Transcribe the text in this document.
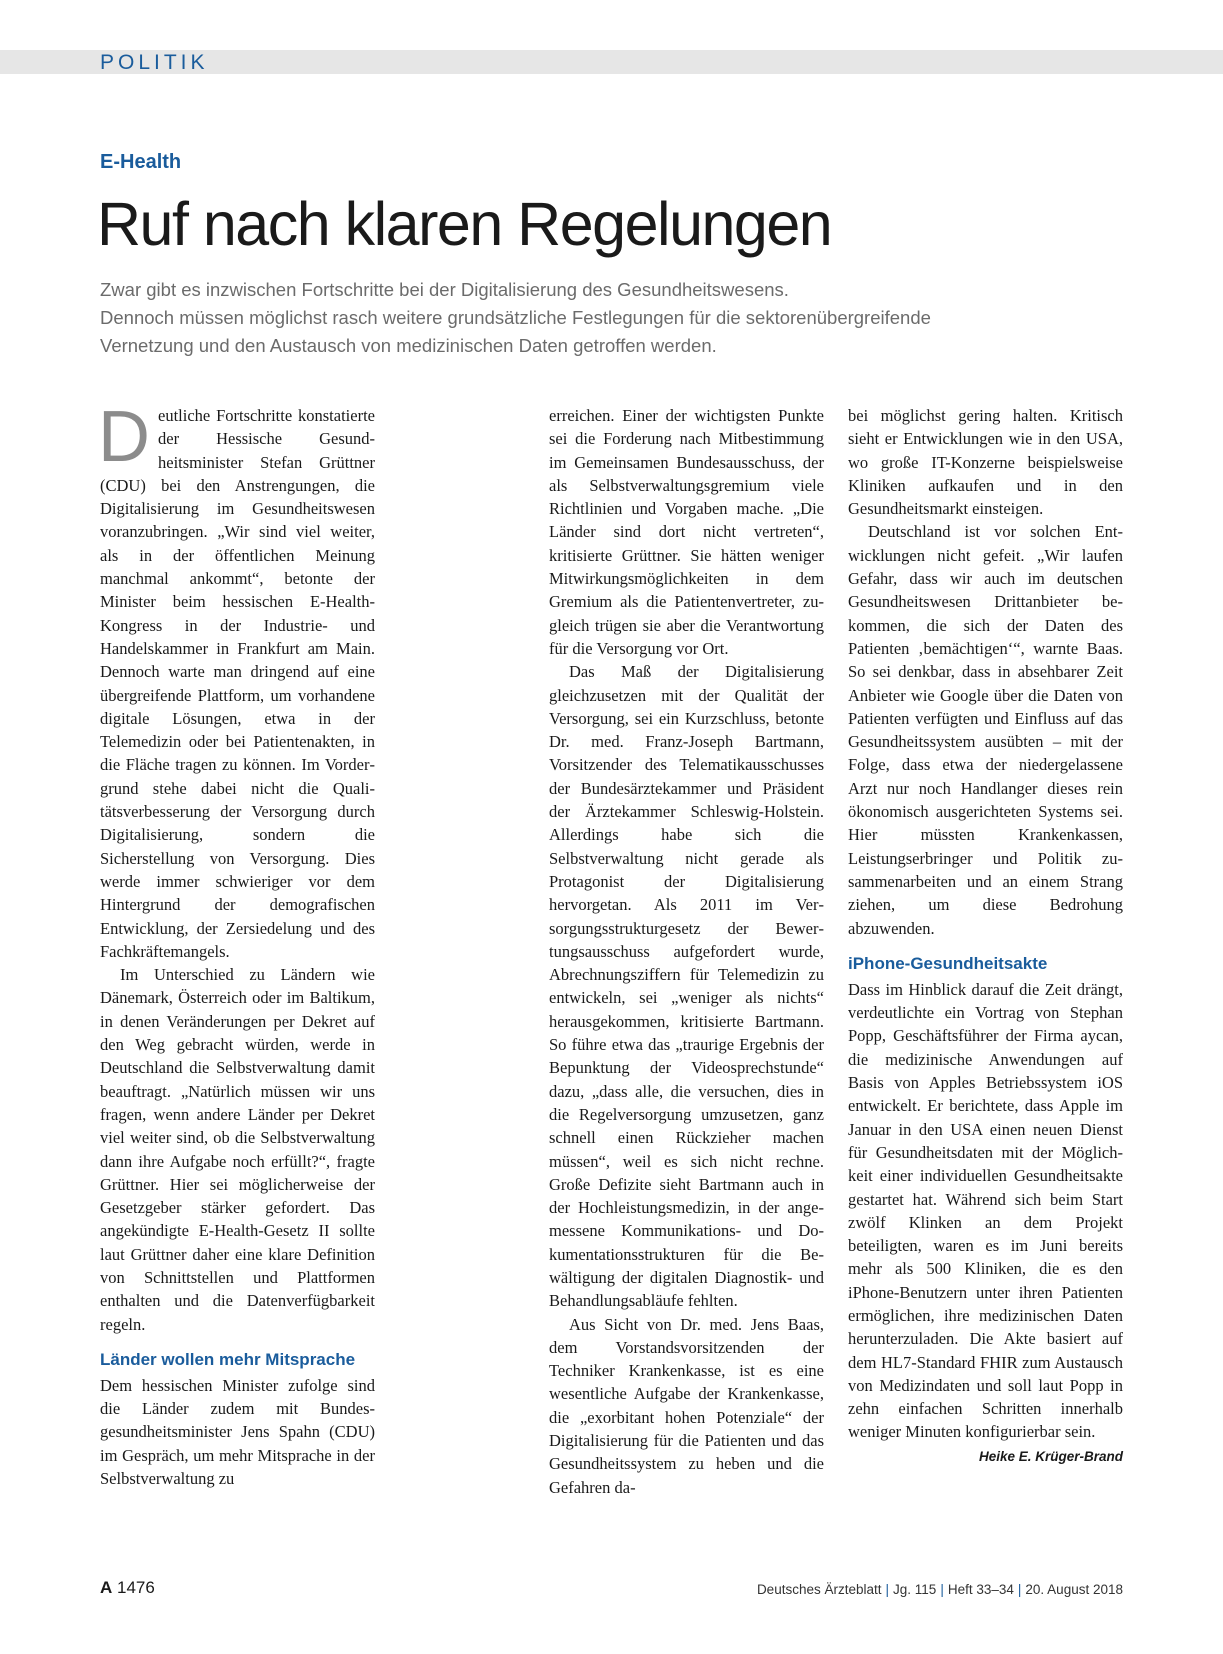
POLITIK
E-Health
Ruf nach klaren Regelungen
Zwar gibt es inzwischen Fortschritte bei der Digitalisierung des Gesundheitswesens.
Dennoch müssen möglichst rasch weitere grundsätzliche Festlegungen für die sektorenübergreifende
Vernetzung und den Austausch von medizinischen Daten getroffen werden.

Deutliche Fortschritte konstatierte der Hessische Gesundheitsminister Stefan Grüttner (CDU) bei den Anstrengungen, die Digitalisierung im Gesundheitswesen voranzubringen. „Wir sind viel weiter, als in der öffentlichen Meinung manchmal ankommt“, betonte der Minister beim hessischen E-Health-Kongress in der Industrie- und Handelskammer in Frankfurt am Main. Dennoch warte man dringend auf eine übergreifende Plattform, um vorhandene digitale Lösungen, etwa in der Telemedizin oder bei Patientenakten, in die Fläche tragen zu können. Im Vordergrund stehe dabei nicht die Qualitätsverbesserung der Versorgung durch Digitalisierung, sondern die Sicherstellung von Versorgung. Dies werde immer schwieriger vor dem Hintergrund der demografischen Entwicklung, der Zersiedelung und des Fachkräftemangels.

Im Unterschied zu Ländern wie Dänemark, Österreich oder im Baltikum, in denen Veränderungen per Dekret auf den Weg gebracht würden, werde in Deutschland die Selbstverwaltung damit beauftragt. „Natürlich müssen wir uns fragen, wenn andere Länder per Dekret viel weiter sind, ob die Selbstverwaltung dann ihre Aufgabe noch erfüllt?“, fragte Grüttner. Hier sei möglicherweise der Gesetzgeber stärker gefordert. Das angekündigte E-Health-Gesetz II sollte laut Grüttner daher eine klare Definition von Schnittstellen und Plattformen enthalten und die Datenverfügbarkeit regeln.

Länder wollen mehr Mitsprache

Dem hessischen Minister zufolge sind die Länder zudem mit Bundesgesundheitsminister Jens Spahn (CDU) im Gespräch, um mehr Mitsprache in der Selbstverwaltung zu

erreichen. Einer der wichtigsten Punkte sei die Forderung nach Mitbestimmung im Gemeinsamen Bundesausschuss, der als Selbstverwaltungsgremium viele Richtlinien und Vorgaben mache. „Die Länder sind dort nicht vertreten“, kritisierte Grüttner. Sie hätten weniger Mitwirkungsmöglichkeiten in dem Gremium als die Patientenvertreter, zugleich trügen sie aber die Verantwortung für die Versorgung vor Ort.

Das Maß der Digitalisierung gleichzusetzen mit der Qualität der Versorgung, sei ein Kurzschluss, betonte Dr. med. Franz-Joseph Bartmann, Vorsitzender des Telematikausschusses der Bundesärztekammer und Präsident der Ärztekammer Schleswig-Holstein. Allerdings habe sich die Selbstverwaltung nicht gerade als Protagonist der Digitalisierung hervorgetan. Als 2011 im Versorgungsstrukturgesetz der Bewertungsausschuss aufgefordert wurde, Abrechnungsziffern für Telemedizin zu entwickeln, sei „weniger als nichts“ herausgekommen, kritisierte Bartmann. So führe etwa das „traurige Ergebnis der Bepunktung der Videosprechstunde“ dazu, „dass alle, die versuchen, dies in die Regelversorgung umzusetzen, ganz schnell einen Rückzieher machen müssen“, weil es sich nicht rechne. Große Defizite sieht Bartmann auch in der Hochleistungsmedizin, in der angemessene Kommunikations- und Dokumentationsstrukturen für die Bewältigung der digitalen Diagnostik- und Behandlungsabläufe fehlten.

Aus Sicht von Dr. med. Jens Baas, dem Vorstandsvorsitzenden der Techniker Krankenkasse, ist es eine wesentliche Aufgabe der Krankenkasse, die „exorbitant hohen Potenziale“ der Digitalisierung für die Patienten und das Gesundheitssystem zu heben und die Gefahren da-

bei möglichst gering halten. Kritisch sieht er Entwicklungen wie in den USA, wo große IT-Konzerne beispielsweise Kliniken aufkaufen und in den Gesundheitsmarkt einsteigen.

Deutschland ist vor solchen Entwicklungen nicht gefeit. „Wir laufen Gefahr, dass wir auch im deutschen Gesundheitswesen Drittanbieter bekommen, die sich der Daten des Patienten ‚bemächtigen‘“, warnte Baas. So sei denkbar, dass in absehbarer Zeit Anbieter wie Google über die Daten von Patienten verfügten und Einfluss auf das Gesundheitssystem ausübten – mit der Folge, dass etwa der niedergelassene Arzt nur noch Handlanger dieses rein ökonomisch ausgerichteten Systems sei. Hier müssten Krankenkassen, Leistungserbringer und Politik zusammenarbeiten und an einem Strang ziehen, um diese Bedrohung abzuwenden.

iPhone-Gesundheitsakte

Dass im Hinblick darauf die Zeit drängt, verdeutlichte ein Vortrag von Stephan Popp, Geschäftsführer der Firma aycan, die medizinische Anwendungen auf Basis von Apples Betriebssystem iOS entwickelt. Er berichtete, dass Apple im Januar in den USA einen neuen Dienst für Gesundheitsdaten mit der Möglichkeit einer individuellen Gesundheitsakte gestartet hat. Während sich beim Start zwölf Klinken an dem Projekt beteiligten, waren es im Juni bereits mehr als 500 Kliniken, die es den iPhone-Benutzern unter ihren Patienten ermöglichen, ihre medizinischen Daten herunterzuladen. Die Akte basiert auf dem HL7-Standard FHIR zum Austausch von Medizindaten und soll laut Popp in zehn einfachen Schritten innerhalb weniger Minuten konfigurierbar sein.
Heike E. Krüger-Brand

A 1476	Deutsches Ärzteblatt | Jg. 115 | Heft 33–34 | 20. August 2018
